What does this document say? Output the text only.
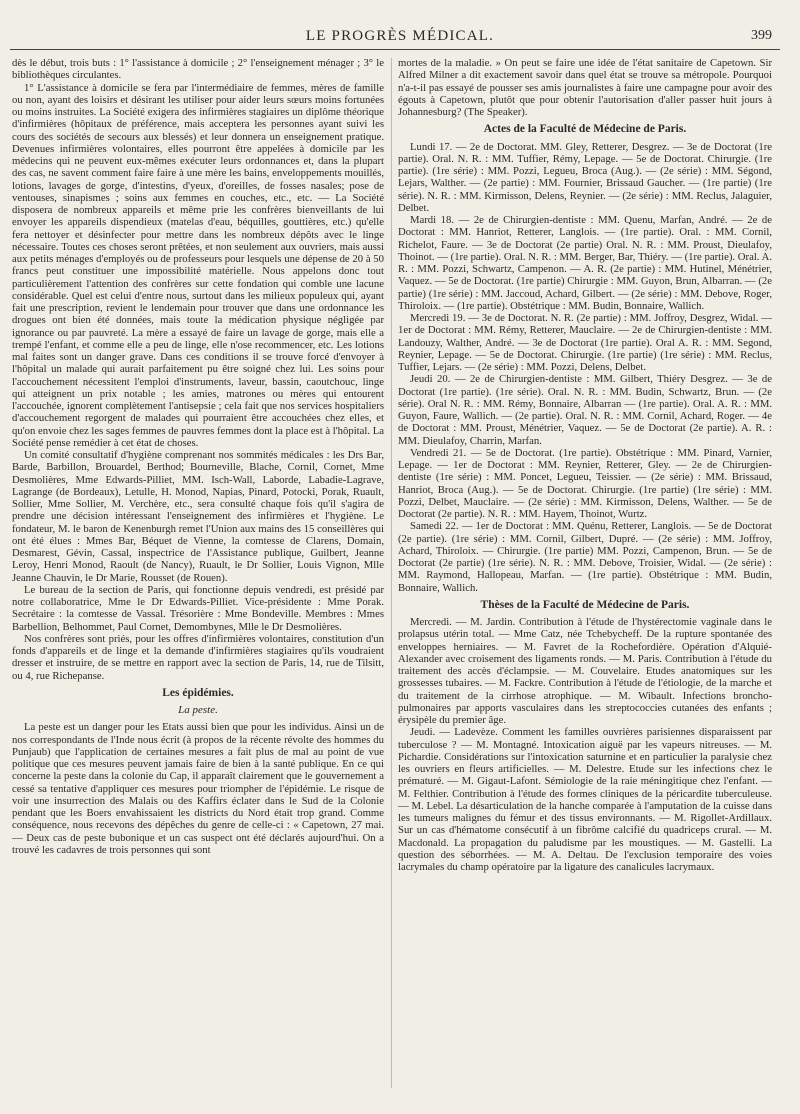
LE PROGRÈS MÉDICAL.	399

dès le début, trois buts : 1° l'assistance à domicile ; 2° l'enseignement ménager ; 3° le bibliothèques circulantes.

1° L'assistance à domicile se fera par l'intermédiaire de femmes, mères de famille ou non, ayant des loisirs et désirant les utiliser pour aider leurs sœurs moins fortunées ou moins instruites. La Société exigera des infirmières stagiaires un diplôme théorique d'infirmières (hôpitaux de préférence, mais acceptera les personnes ayant suivi les cours des sociétés de secours aux blessés) et leur donnera un enseignement pratique. Devenues infirmières volontaires, elles pourront être appelées à domicile par les médecins qui ne peuvent eux-mêmes exécuter leurs ordonnances et, dans la plupart des cas, ne savent comment faire faire à une mère les bains, enveloppements mouillés, lotions, lavages de gorge, d'intestins, d'yeux, d'oreilles, de fosses nasales; pose de ventouses, sinapismes ; soins aux femmes en couches, etc., etc. — La Société disposera de nombreux appareils et même prie les confrères bienveillants de lui envoyer les appareils dispendieux (matelas d'eau, béquilles, gouttières, etc.) qu'elle fera nettoyer et désinfecter pour mettre dans les nombreux dépôts avec le linge nécessaire. Toutes ces choses seront prêtées, et non seulement aux ouvriers, mais aussi aux petits ménages d'employés ou de professeurs pour lesquels une dépense de 20 à 50 francs peut constituer une impossibilité matérielle. Nous appelons donc tout particulièrement l'attention des confrères sur cette fondation qui comble une lacune considérable. Quel est celui d'entre nous, surtout dans les milieux populeux qui, ayant fait une prescription, revient le lendemain pour trouver que dans une ordonnance les drogues ont bien été données, mais toute la médication physique négligée par ignorance ou par pauvreté. La mère a essayé de faire un lavage de gorge, mais elle a trempé l'enfant, et comme elle a peu de linge, elle n'ose recommencer, etc. Les lotions mal faites sont un danger grave. Dans ces conditions il se trouve forcé d'envoyer à l'hôpital un malade qui aurait parfaitement pu être soigné chez lui. Les soins pour l'accouchement nécessitent l'emploi d'instruments, laveur, bassin, caoutchouc, linge qui atteignent un prix notable ; les amies, matrones ou mères qui entourent l'accouchée, ignorent complètement l'antisepsie ; cela fait que nos services hospitaliers d'accouchement regorgent de malades qui pourraient être accouchées chez elles, et qu'on envoie chez les sages femmes de pauvres femmes dont la place est à l'hôpital. La Société pense remédier à cet état de choses.

Un comité consultatif d'hygiène comprenant nos sommités médicales : les Drs Bar, Barde, Barbillon, Brouardel, Berthod; Bourneville, Blache, Cornil, Cornet, Mme Desmolières, Mme Edwards-Pilliet, MM. Isch-Wall, Laborde, Labadie-Lagrave, Lagrange (de Bordeaux), Letulle, H. Monod, Napias, Pinard, Potocki, Porak, Ruault, Sollier, Mme Sollier, M. Verchère, etc., sera consulté chaque fois qu'il s'agira de prendre une décision intéressant l'enseignement des infirmières et l'hygiène. Le fondateur, M. le baron de Kenenburgh remet l'Union aux mains des 15 conseillères qui ont été élues : Mmes Bar, Béquet de Vienne, la comtesse de Clarens, Domain, Desmarest, Gévin, Cassal, inspectrice de l'Assistance publique, Guilbert, Jeanne Leroy, Henri Monod, Raoult (de Nancy), Ruault, le Dr Sollier, Louis Vignon, Mlle Jeanne Chauvin, le Dr Marie, Rousset (de Rouen).

Le bureau de la section de Paris, qui fonctionne depuis vendredi, est présidé par notre collaboratrice, Mme le Dr Edwards-Pilliet. Vice-présidente : Mme Porak. Secrétaire : la comtesse de Vassal. Trésorière : Mme Bondeville. Membres : Mmes Barbellion, Belhommet, Paul Cornet, Demombynes, Mlle le Dr Desmolières.

Nos confrères sont priés, pour les offres d'infirmières volontaires, constitution d'un fonds d'appareils et de linge et la demande d'infirmières stagiaires qu'ils voudraient dresser et instruire, de se mettre en rapport avec la section de Paris, 14, rue de Tilsitt, ou 4, rue Richepanse.

Les épidémies.
La peste.

La peste est un danger pour les Etats aussi bien que pour les individus. Ainsi un de nos correspondants de l'Inde nous écrit (à propos de la récente révolte des hommes du Punjaub) que l'application de certaines mesures a fait plus de mal au point de vue politique que ces mesures peuvent jamais faire de bien à la santé publique. En ce qui concerne la peste dans la colonie du Cap, il apparaît clairement que le gouvernement a cessé sa tentative d'appliquer ces mesures pour triompher de l'épidémie. Le risque de voir une insurrection des Malais ou des Kaffirs éclater dans le Sud de la Colonie pendant que les Boers envahissaient les districts du Nord était trop grand. Comme conséquence, nous recevons des dépêches du genre de celle-ci : « Capetown, 27 mai. — Deux cas de peste bubonique et un cas suspect ont été déclarés aujourd'hui. On a trouvé les cadavres de trois personnes qui sont

mortes de la maladie. » On peut se faire une idée de l'état sanitaire de Capetown. Sir Alfred Milner a dit exactement savoir dans quel état se trouve sa métropole. Pourquoi n'a-t-il pas essayé de pousser ses amis journalistes à faire une campagne pour avoir des égouts à Capetown, plutôt que pour obtenir l'autorisation d'aller passer huit jours à Johannesburg? (The Speaker).

Actes de la Faculté de Médecine de Paris.

Lundi 17. — 2e de Doctorat. MM. Gley, Retterer, Desgrez. — 3e de Doctorat (1re partie). Oral. N. R. : MM. Tuffier, Rémy, Lepage. — 5e de Doctorat. Chirurgie. (1re partie). (1re série) : MM. Pozzi, Legueu, Broca (Aug.). — (2e série) : MM. Ségond, Lejars, Walther. — (2e partie) : MM. Fournier, Brissaud Gaucher. — (1re partie) (1re série). N. R. : MM. Kirmisson, Delens, Reynier. — (2e série) : MM. Reclus, Jalaguier, Delbet.

Mardi 18. — 2e de Chirurgien-dentiste : MM. Quenu, Marfan, André. — 2e de Doctorat : MM. Hanriot, Retterer, Langlois. — (1re partie). Oral. : MM. Cornil, Richelot, Faure. — 3e de Doctorat (2e partie) Oral. N. R. : MM. Proust, Dieulafoy, Thoinot. — (1re partie). Oral. N. R. : MM. Berger, Bar, Thiéry. — (1re partie). Oral. A. R. : MM. Pozzi, Schwartz, Campenon. — A. R. (2e partie) : MM. Hutinel, Ménétrier, Vaquez. — 5e de Doctorat. (1re partie) Chirurgie : MM. Guyon, Brun, Albarran. — (2e partie) (1re série) : MM. Jaccoud, Achard, Gilbert. — (2e série) : MM. Debove, Roger, Thiroloix. — (1re partie). Obstétrique : MM. Budin, Bonnaire, Wallich.

Mercredi 19. — 3e de Doctorat. N. R. (2e partie) : MM. Joffroy, Desgrez, Widal. — 1er de Doctorat : MM. Rémy, Retterer, Mauclaire. — 2e de Chirurgien-dentiste : MM. Landouzy, Walther, André. — 3e de Doctorat (1re partie). Oral A. R. : MM. Segond, Reynier, Lepage. — 5e de Doctorat. Chirurgie. (1re partie) (1re série) : MM. Reclus, Tuffier, Lejars. — (2e série) : MM. Pozzi, Delens, Delbet.

Jeudi 20. — 2e de Chirurgien-dentiste : MM. Gilbert, Thiéry Desgrez. — 3e de Doctorat (1re partie). (1re série). Oral. N. R. : MM. Budin, Schwartz, Brun. — (2e série). Oral N. R. : MM. Rémy, Bonnaire, Albarran — (1re partie). Oral. A. R. : MM. Guyon, Faure, Wallich. — (2e partie). Oral. N. R. : MM. Cornil, Achard, Roger. — 4e de Doctorat : MM. Proust, Ménétrier, Vaquez. — 5e de Doctorat (2e partie). A. R. : MM. Dieulafoy, Charrin, Marfan.

Vendredi 21. — 5e de Doctorat. (1re partie). Obstétrique : MM. Pinard, Varnier, Lepage. — 1er de Doctorat : MM. Reynier, Retterer, Gley. — 2e de Chirurgien-dentiste (1re série) : MM. Poncet, Legueu, Teissier. — (2e série) : MM. Brissaud, Hanriot, Broca (Aug.). — 5e de Doctorat. Chirurgie. (1re partie) (1re série) : MM. Pozzi, Delbet, Mauclaire. — (2e série) : MM. Kirmisson, Delens, Walther. — 5e de Doctorat (2e partie). N. R. : MM. Hayem, Thoinot, Wurtz.

Samedi 22. — 1er de Doctorat : MM. Quénu, Retterer, Langlois. — 5e de Doctorat (2e partie). (1re série) : MM. Cornil, Gilbert, Dupré. — (2e série) : MM. Joffroy, Achard, Thiroloix. — Chirurgie. (1re partie) MM. Pozzi, Campenon, Brun. — 5e de Doctorat (2e partie) (1re série). N. R. : MM. Debove, Troisier, Widal. — (2e série) : MM. Raymond, Hallopeau, Marfan. — (1re partie). Obstétrique : MM. Budin, Bonnaire, Wallich.

Thèses de la Faculté de Médecine de Paris.

Mercredi. — M. Jardin. Contribution à l'étude de l'hystérectomie vaginale dans le prolapsus utérin total. — Mme Catz, née Tchebycheff. De la rupture spontanée des enveloppes herniaires. — M. Favret de la Rochefordière. Opération d'Alquié-Alexander avec croisement des ligaments ronds. — M. Paris. Contribution à l'étude du traitement des accès d'éclampsie. — M. Couvelaire. Etudes anatomiques sur les grossesses tubaires. — M. Fackre. Contribution à l'étude de l'étiologie, de la marche et du traitement de la cirrhose atrophique. — M. Wibault. Infections broncho-pulmonaires par apports vasculaires dans les streptococcies cutanées des enfants ; érysipèle du premier âge.

Jeudi. — Ladevèze. Comment les familles ouvrières parisiennes disparaissent par tuberculose ? — M. Montagné. Intoxication aiguë par les vapeurs nitreuses. — M. Pichardie. Considérations sur l'intoxication saturnine et en particulier la paralysie chez les ouvriers en fleurs artificielles. — M. Delestre. Etude sur les infections chez le prématuré. — M. Gigaut-Lafont. Sémiologie de la raie méningitique chez l'enfant. — M. Felthier. Contribution à l'étude des formes cliniques de la péricardite tuberculeuse. — M. Lebel. La désarticulation de la hanche comparée à l'amputation de la cuisse dans les tumeurs malignes du fémur et des tissus environnants. — M. Rigollet-Ardillaux. Sur un cas d'hématome consécutif à un fibrôme calcifié du quadriceps crural. — M. Macdonald. La propagation du paludisme par les moustiques. — M. Gastelli. La question des séborrhées. — M. A. Deltau. De l'exclusion temporaire des voies lacrymales du champ opératoire par la ligature des canalicules lacrymaux.
